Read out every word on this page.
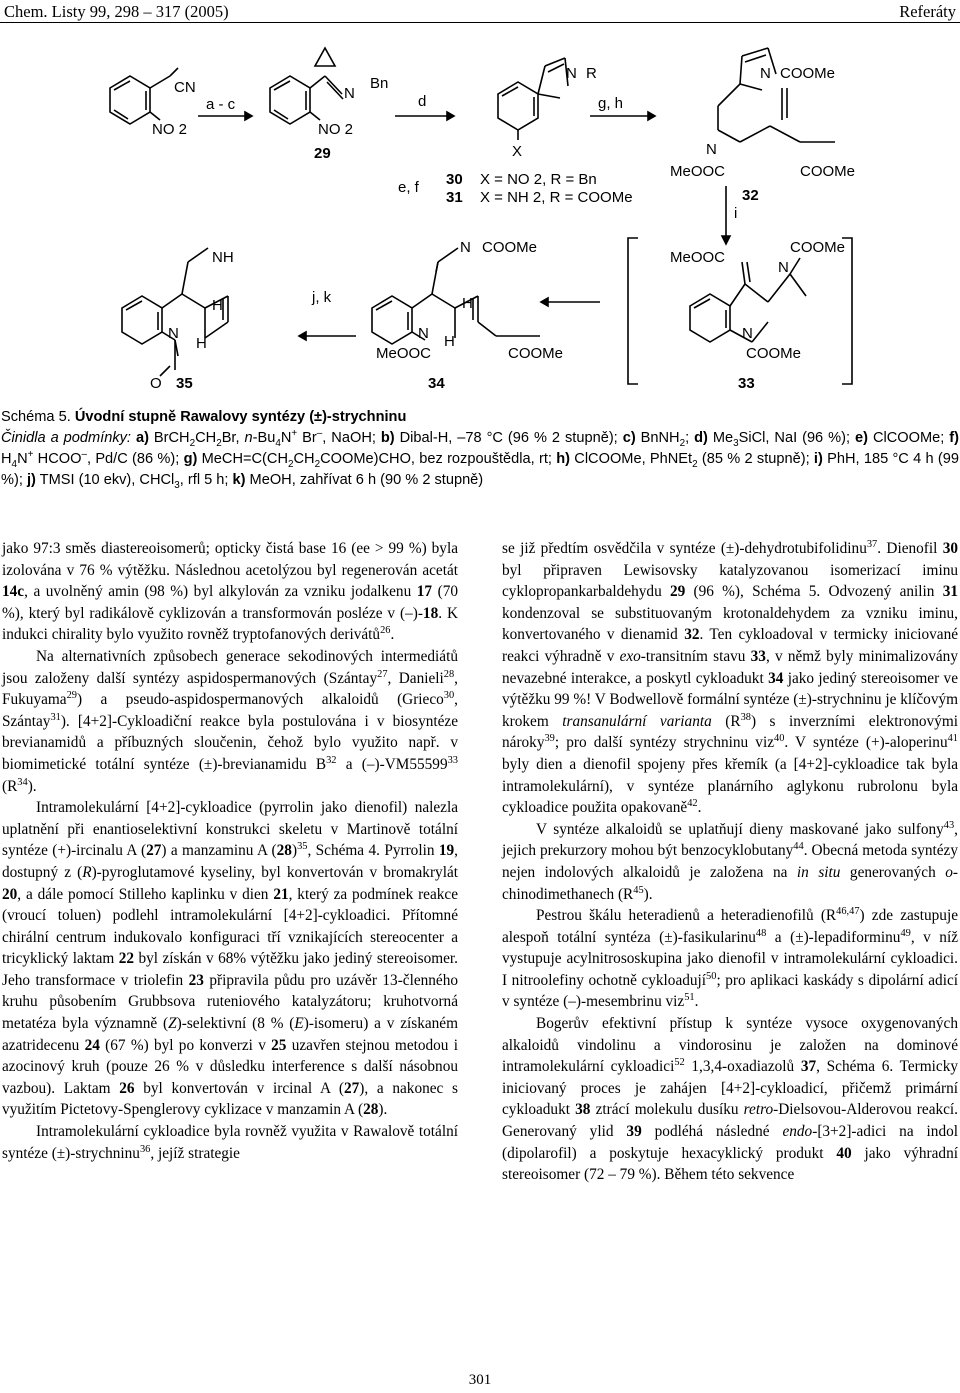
Chem. Listy 99, 298 – 317 (2005)	Referáty
CN
NO 2
a - c
NO 2
N
Bn
29
d
N R
X
g, h
e, f 30
31
X = NO 2, R = Bn
X = NH 2, R = COOMe
N COOMe
N
MeOOC	COOMe
32
i
MeOOC
COOMe
N
N
COOMe
33
N COOMe
H
N H
MeOOC	COOMe
34
j, k
NH
H
N
H
O 35
Schéma 5. Úvodní stupně Rawalovy syntézy (±)-strychninu
Činidla a podmínky: a) $BrCH_2CH_2Br$, $n-Bu_4N^+$ Br–, NaOH; b) Dibal-H, –78 °C (96 % 2 stupně); c) BnNH$_2$; d) $Me_3SiCl$, NaI (96 %); e) ClCOOMe; f) $H_4N^+$ HCOO–, Pd/C (86 %); g) $MeCH=C(CH_2CH_2COOMe)CHO$, bez rozpouštědla, rt; h) ClCOOMe, PhNEt$_2$ (85 % 2 stupně); i) PhH, 185 °C 4 h (99 %); j) TMSI (10 ekv), CHCl$_3$, rfl 5 h; k) MeOH, zahřívat 6 h (90 % 2 stupně)

jako 97:3 směs diastereoisomerů; opticky čistá base 16 (ee > 99 %) byla izolována v 76 % výtěžku. Následnou acetolýzou byl regenerován acetát 14c, a uvolněný amin (98 %) byl alkylován za vzniku jodalkenu 17 (70 %), který byl radikálově cyklizován a transformován posléze v (–)-18. K indukci chirality bylo využito rovněž tryptofanových derivátů$^{26}$.

Na alternativních způsobech generace sekodinových intermediátů jsou založeny další syntézy aspidospermanových (Szántay$^{27}$, Danieli$^{28}$, Fukuyama$^{29}$) a pseudo-aspidospermanových alkaloidů (Grieco$^{30}$, Szántay$^{31}$). [4+2]-Cykloadiční reakce byla postulována i v biosyntéze brevianamidů a příbuzných sloučenin, čehož bylo využito např. v biomimetické totální syntéze (±)-brevianamidu $B^{32}$ a (–)-VM55599$^{33}$ $(R^{34})$.

Intramolekulární [4+2]-cykloadice (pyrrolin jako dienofil) nalezla uplatnění při enantioselektivní konstrukci skeletu v Martinově totální syntéze (+)-ircinalu A (27) a manzaminu A $(28)^{35}$, Schéma 4. Pyrrolin 19, dostupný z (R)-pyroglutamové kyseliny, byl konvertován v bromakrylát 20, a dále pomocí Stilleho kaplinku v dien 21, který za podmínek reakce (vroucí toluen) podlehl intramolekulární [4+2]-cykloadici. Přítomné chirální centrum indukovalo konfiguraci tří vznikajících stereocenter a tricyklický laktam 22 byl získán v 68% výtěžku jako jediný stereoisomer. Jeho transformace v triolefin 23 připravila půdu pro uzávěr 13-členného kruhu působením Grubbsova ruteniového katalyzátoru; kruhotvorná metatéza byla významně (Z)-selektivní (8 % (E)-isomeru) a v získaném azatridecenu 24 (67 %) byl po konverzi v 25 uzavřen stejnou metodou i azocinový kruh (pouze 26 % v důsledku interference s další násobnou vazbou). Laktam 26 byl konvertován v ircinal A (27), a nakonec s využitím Pictetovy-Spenglerovy cyklizace v manzamin A (28).

Intramolekulární cykloadice byla rovněž využita v Rawalově totální syntéze (±)-strychninu$^{36}$, jejíž strategie

se již předtím osvědčila v syntéze (±)-dehydrotubifolidinu$^{37}$. Dienofil 30 byl připraven Lewisovsky katalyzovanou isomerizací iminu cyklopropankarbaldehydu 29 (96 %), Schéma 5. Odvozený anilin 31 kondenzoval se substituovaným krotonaldehydem za vzniku iminu, konvertovaného v dienamid 32. Ten cykloadoval v termicky iniciované reakci výhradně v exo-transitním stavu 33, v němž byly minimalizovány nevazebné interakce, a poskytl cykloadukt 34 jako jediný stereoisomer ve výtěžku 99 %! V Bodwellově formální syntéze (±)-strychninu je klíčovým krokem transanulární varianta $(R^{38})$ s inverzními elektronovými nároky$^{39}$; pro další syntézy strychninu viz$^{40}$. V syntéze (+)-aloperinu$^{41}$ byly dien a dienofil spojeny přes křemík (a [4+2]-cykloadice tak byla intramolekulární), v syntéze planárního aglykonu rubrolonu byla cykloadice použita opakovaně$^{42}$.

V syntéze alkaloidů se uplatňují dieny maskované jako sulfony$^{43}$, jejich prekurzory mohou být benzocyklobutany$^{44}$. Obecná metoda syntézy nejen indolových alkaloidů je založena na in situ generovaných o-chinodimethanech $(R^{45})$.

Pestrou škálu heteradienů a heteradienofilů $(R^{46,47})$ zde zastupuje alespoň totální syntéza (±)-fasikularinu$^{48}$ a (±)-lepadiforminu$^{49}$, v níž vystupuje acylnitrososkupina jako dienofil v intramolekulární cykloadici. I nitroolefiny ochotně cykloadují$^{50}$; pro aplikaci kaskády s dipolární adicí v syntéze (–)-mesembrinu viz$^{51}$.

Bogerův efektivní přístup k syntéze vysoce oxygenovaných alkaloidů vindolinu a vindorosinu je založen na dominové intramolekulární cykloadici$^{52}$ 1,3,4-oxadiazolů 37, Schéma 6. Termicky iniciovaný proces je zahájen [4+2]-cykloadicí, přičemž primární cykloadukt 38 ztrácí molekulu dusíku retro-Dielsovou-Alderovou reakcí. Generovaný ylid 39 podléhá následné endo-[3+2]-adici na indol (dipolarofil) a poskytuje hexacyklický produkt 40 jako výhradní stereoisomer (72 – 79 %). Během této sekvence

301
